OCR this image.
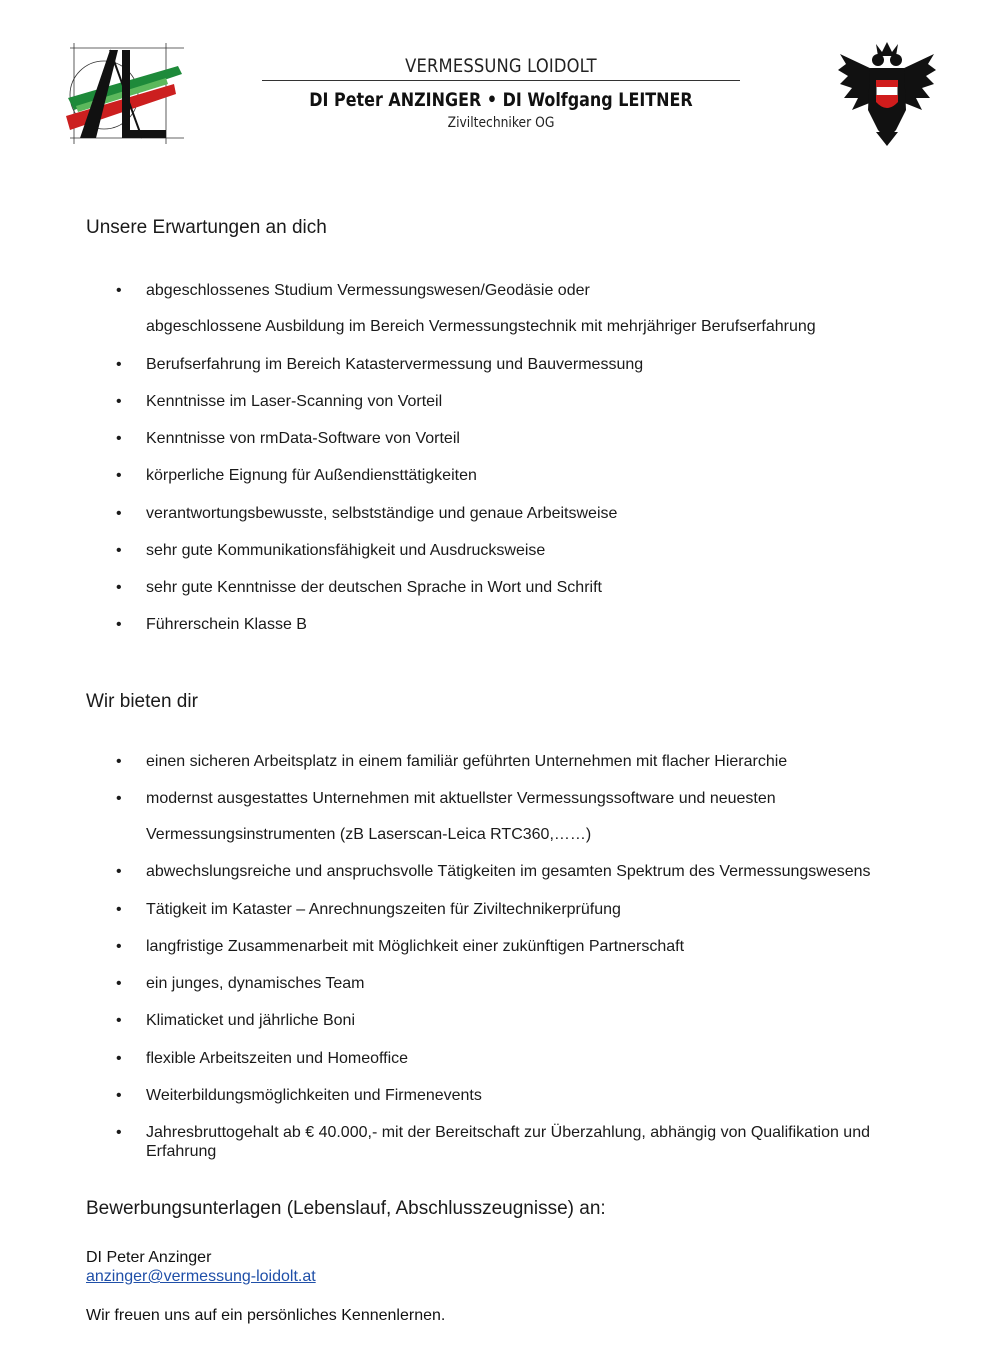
VERMESSUNG LOIDOLT
DI Peter ANZINGER • DI Wolfgang LEITNER
Ziviltechniker OG
Unsere Erwartungen an dich
• abgeschlossenes Studium Vermessungswesen/Geodäsie oder
abgeschlossene Ausbildung im Bereich Vermessungstechnik mit mehrjähriger Berufserfahrung
• Berufserfahrung im Bereich Katastervermessung und Bauvermessung
• Kenntnisse im Laser-Scanning von Vorteil
• Kenntnisse von rmData-Software von Vorteil
• körperliche Eignung für Außendiensttätigkeiten
• verantwortungsbewusste, selbstständige und genaue Arbeitsweise
• sehr gute Kommunikationsfähigkeit und Ausdrucksweise
• sehr gute Kenntnisse der deutschen Sprache in Wort und Schrift
• Führerschein Klasse B
Wir bieten dir
• einen sicheren Arbeitsplatz in einem familiär geführten Unternehmen mit flacher Hierarchie
• modernst ausgestattes Unternehmen mit aktuellster Vermessungssoftware und neuesten
Vermessungsinstrumenten (zB Laserscan-Leica RTC360,……)
• abwechslungsreiche und anspruchsvolle Tätigkeiten im gesamten Spektrum des Vermessungswesens
• Tätigkeit im Kataster – Anrechnungszeiten für Ziviltechnikerprüfung
• langfristige Zusammenarbeit mit Möglichkeit einer zukünftigen Partnerschaft
• ein junges, dynamisches Team
• Klimaticket und jährliche Boni
• flexible Arbeitszeiten und Homeoffice
• Weiterbildungsmöglichkeiten und Firmenevents
• Jahresbruttogehalt ab € 40.000,- mit der Bereitschaft zur Überzahlung, abhängig von Qualifikation und Erfahrung
Bewerbungsunterlagen (Lebenslauf, Abschlusszeugnisse) an:
DI Peter Anzinger
anzinger@vermessung-loidolt.at
Wir freuen uns auf ein persönliches Kennenlernen.
